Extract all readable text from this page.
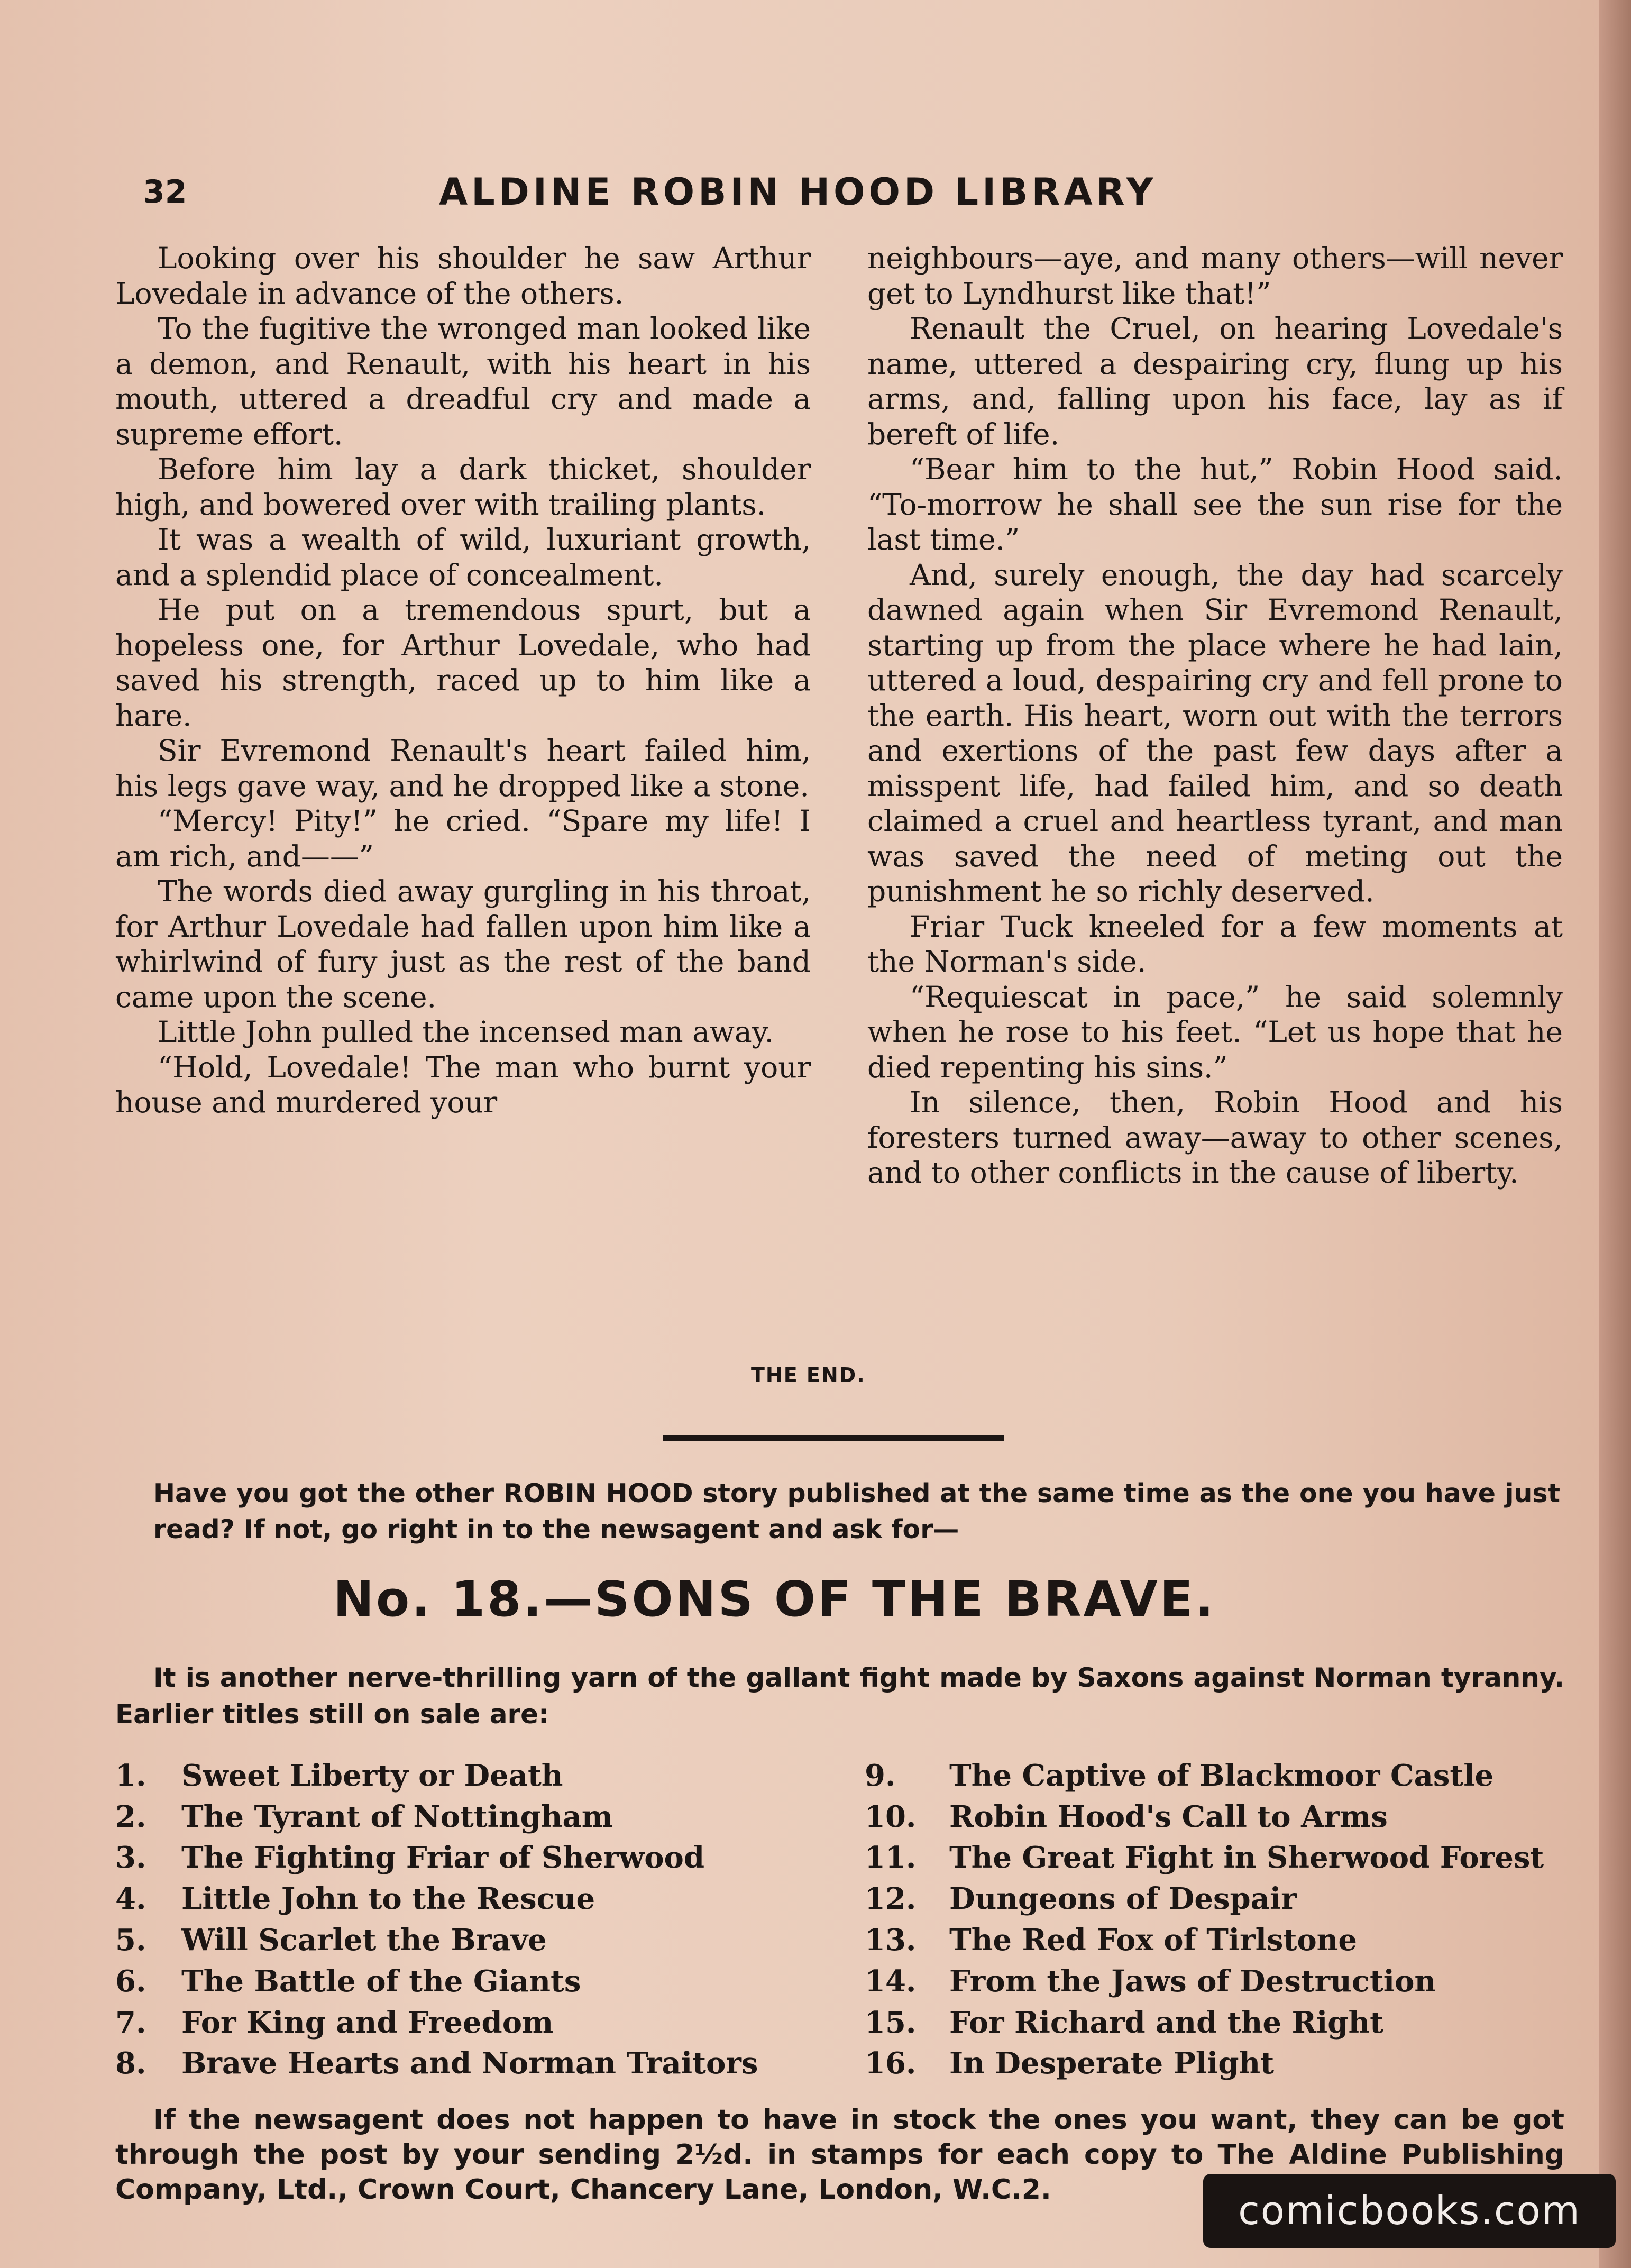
32	ALDINE ROBIN HOOD LIBRARY

Looking over his shoulder he saw Arthur Lovedale in advance of the others.

To the fugitive the wronged man looked like a demon, and Renault, with his heart in his mouth, uttered a dreadful cry and made a supreme effort.

Before him lay a dark thicket, shoulder high, and bowered over with trailing plants.

It was a wealth of wild, luxuriant growth, and a splendid place of concealment.

He put on a tremendous spurt, but a hopeless one, for Arthur Lovedale, who had saved his strength, raced up to him like a hare.

Sir Evremond Renault's heart failed him, his legs gave way, and he dropped like a stone.

“Mercy! Pity!” he cried. “Spare my life! I am rich, and——”

The words died away gurgling in his throat, for Arthur Lovedale had fallen upon him like a whirlwind of fury just as the rest of the band came upon the scene.

Little John pulled the incensed man away.

“Hold, Lovedale! The man who burnt your house and murdered your

neighbours—aye, and many others—will never get to Lyndhurst like that!”

Renault the Cruel, on hearing Lovedale's name, uttered a despairing cry, flung up his arms, and, falling upon his face, lay as if bereft of life.

“Bear him to the hut,” Robin Hood said. “To-morrow he shall see the sun rise for the last time.”

And, surely enough, the day had scarcely dawned again when Sir Evremond Renault, starting up from the place where he had lain, uttered a loud, despairing cry and fell prone to the earth. His heart, worn out with the terrors and exertions of the past few days after a misspent life, had failed him, and so death claimed a cruel and heartless tyrant, and man was saved the need of meting out the punishment he so richly deserved.

Friar Tuck kneeled for a few moments at the Norman's side.

“Requiescat in pace,” he said solemnly when he rose to his feet. “Let us hope that he died repenting his sins.”

In silence, then, Robin Hood and his foresters turned away—away to other scenes, and to other conflicts in the cause of liberty.

THE END.

Have you got the other ROBIN HOOD story published at the same time as the one you have just read? If not, go right in to the newsagent and ask for—

No. 18.—SONS OF THE BRAVE.

It is another nerve-thrilling yarn of the gallant fight made by Saxons against Norman tyranny. Earlier titles still on sale are:

1.	Sweet Liberty or Death
2.	The Tyrant of Nottingham
3.	The Fighting Friar of Sherwood
4.	Little John to the Rescue
5.	Will Scarlet the Brave
6.	The Battle of the Giants
7.	For King and Freedom
8.	Brave Hearts and Norman Traitors
9.	The Captive of Blackmoor Castle
10.	Robin Hood's Call to Arms
11.	The Great Fight in Sherwood Forest
12.	Dungeons of Despair
13.	The Red Fox of Tirlstone
14.	From the Jaws of Destruction
15.	For Richard and the Right
16.	In Desperate Plight

If the newsagent does not happen to have in stock the ones you want, they can be got through the post by your sending 2½d. in stamps for each copy to The Aldine Publishing Company, Ltd., Crown Court, Chancery Lane, London, W.C.2.	comicbooks.com
